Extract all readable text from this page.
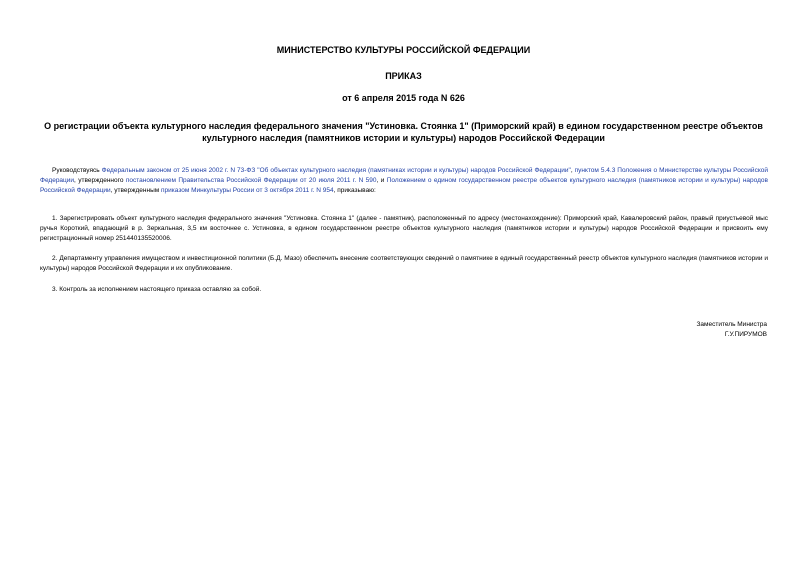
МИНИСТЕРСТВО КУЛЬТУРЫ РОССИЙСКОЙ ФЕДЕРАЦИИ
ПРИКАЗ
от 6 апреля 2015 года N 626
О регистрации объекта культурного наследия федерального значения "Устиновка. Стоянка 1" (Приморский край) в едином государственном реестре объектов культурного наследия (памятников истории и культуры) народов Российской Федерации
Руководствуясь Федеральным законом от 25 июня 2002 г. N 73-ФЗ "Об объектах культурного наследия (памятниках истории и культуры) народов Российской Федерации", пунктом 5.4.3 Положения о Министерстве культуры Российской Федерации, утвержденного постановлением Правительства Российской Федерации от 20 июля 2011 г. N 590, и Положением о едином государственном реестре объектов культурного наследия (памятников истории и культуры) народов Российской Федерации, утвержденным приказом Минкультуры России от 3 октября 2011 г. N 954, приказываю:
1. Зарегистрировать объект культурного наследия федерального значения "Устиновка. Стоянка 1" (далее - памятник), расположенный по адресу (местонахождение): Приморский край, Кавалеровский район, правый приустьевой мыс ручья Короткий, впадающий в р. Зеркальная, 3,5 км восточнее с. Устиновка, в едином государственном реестре объектов культурного наследия (памятников истории и культуры) народов Российской Федерации и присвоить ему регистрационный номер 251440135520006.
2. Департаменту управления имуществом и инвестиционной политики (Б.Д. Мазо) обеспечить внесение соответствующих сведений о памятнике в единый государственный реестр объектов культурного наследия (памятников истории и культуры) народов Российской Федерации и их опубликование.
3. Контроль за исполнением настоящего приказа оставляю за собой.
Заместитель Министра
Г.У.ПИРУМОВ
